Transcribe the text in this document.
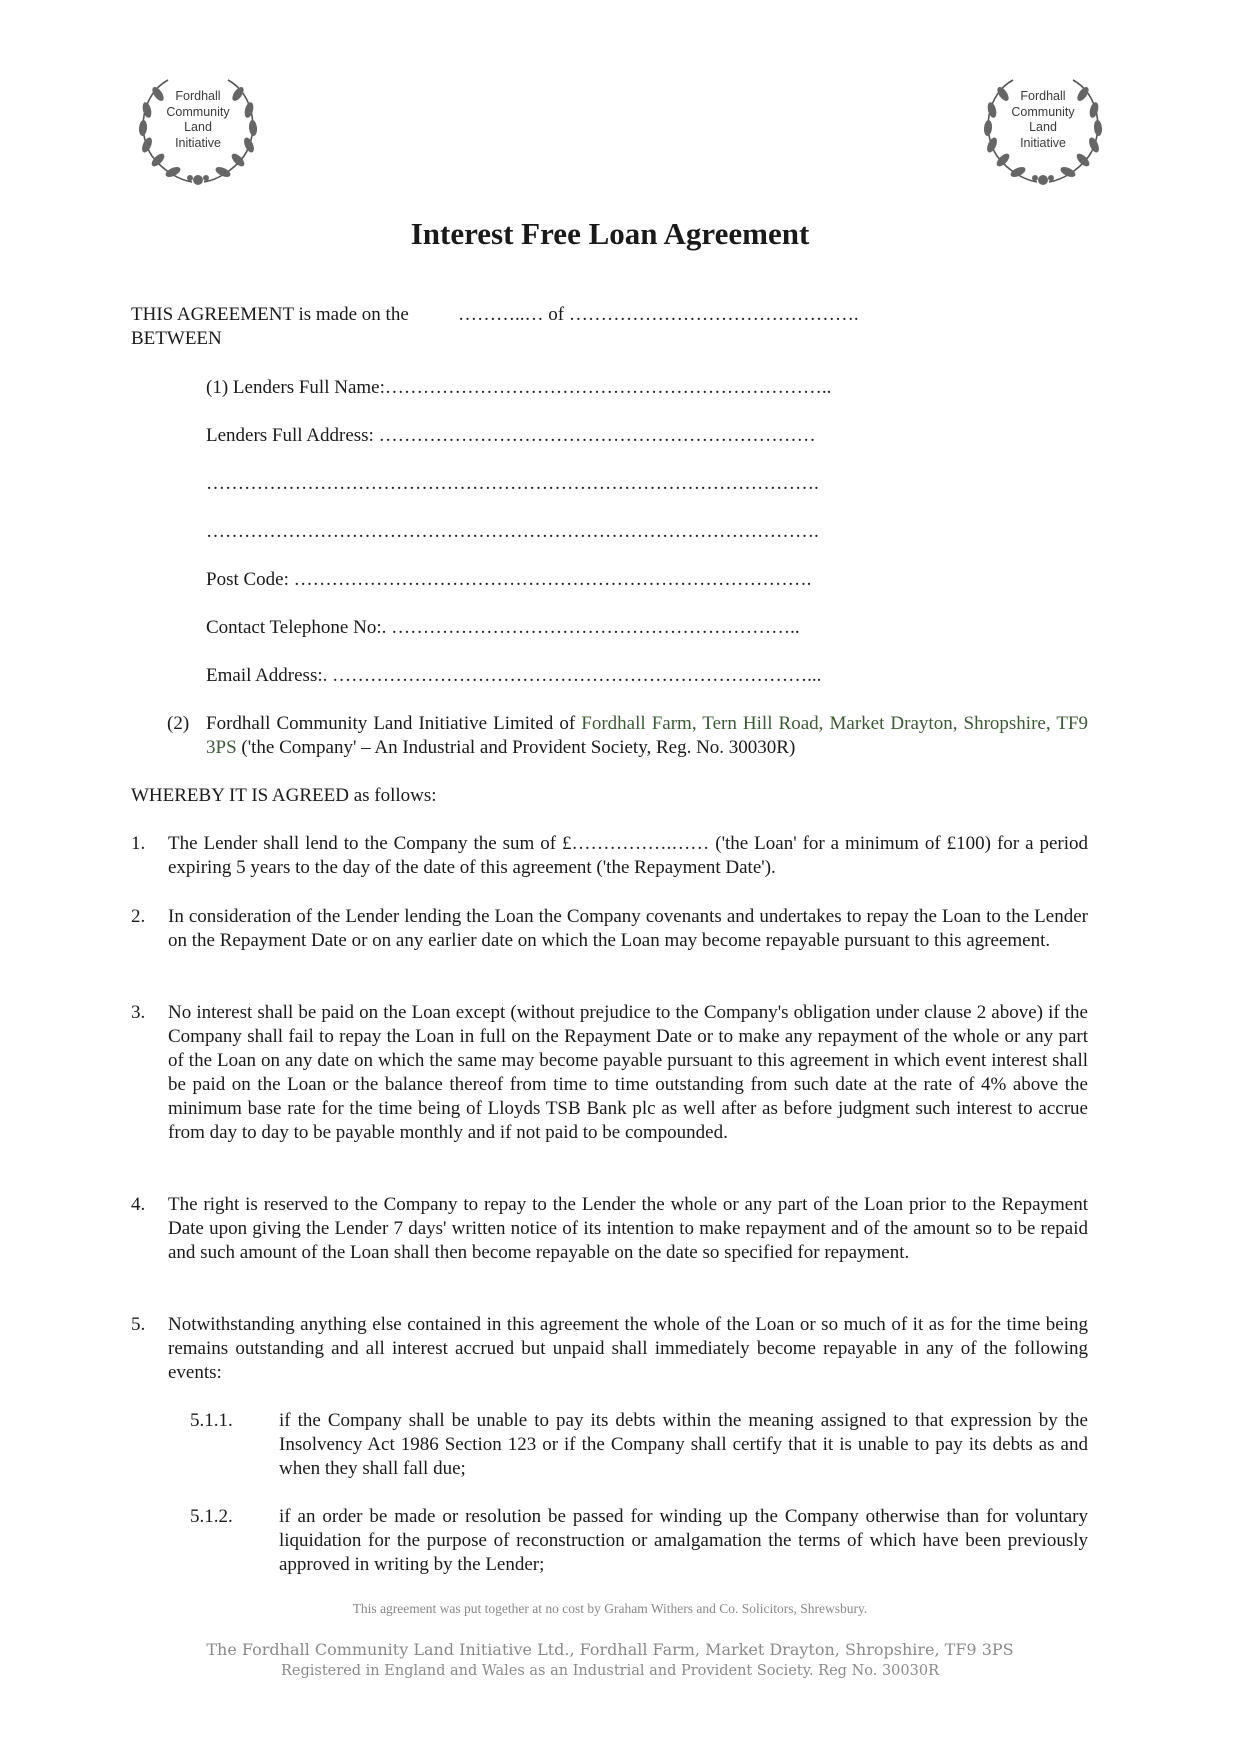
Fordhall
Community
Land
Initiative
Fordhall
Community
Land
Initiative
Interest Free Loan Agreement
THIS AGREEMENT is made on the	………..… of ……………………………………….
BETWEEN
(1) Lenders Full Name:……………………………………………………………..
Lenders Full Address: ……………………………………………………………
…………………………………………………………………………………….
…………………………………………………………………………………….
Post Code: ……………………………………………………………………….
Contact Telephone No:. ………………………………………………………..
Email Address:. …………………………………………………………………...
(2) Fordhall Community Land Initiative Limited of Fordhall Farm, Tern Hill Road, Market Drayton, Shropshire, TF9 3PS ('the Company' – An Industrial and Provident Society, Reg. No. 30030R)
WHEREBY IT IS AGREED as follows:
1. The Lender shall lend to the Company the sum of £…………….…… ('the Loan' for a minimum of £100) for a period expiring 5 years to the day of the date of this agreement ('the Repayment Date').
2. In consideration of the Lender lending the Loan the Company covenants and undertakes to repay the Loan to the Lender on the Repayment Date or on any earlier date on which the Loan may become repayable pursuant to this agreement.
3. No interest shall be paid on the Loan except (without prejudice to the Company's obligation under clause 2 above) if the Company shall fail to repay the Loan in full on the Repayment Date or to make any repayment of the whole or any part of the Loan on any date on which the same may become payable pursuant to this agreement in which event interest shall be paid on the Loan or the balance thereof from time to time outstanding from such date at the rate of 4% above the minimum base rate for the time being of Lloyds TSB Bank plc as well after as before judgment such interest to accrue from day to day to be payable monthly and if not paid to be compounded.
4. The right is reserved to the Company to repay to the Lender the whole or any part of the Loan prior to the Repayment Date upon giving the Lender 7 days' written notice of its intention to make repayment and of the amount so to be repaid and such amount of the Loan shall then become repayable on the date so specified for repayment.
5. Notwithstanding anything else contained in this agreement the whole of the Loan or so much of it as for the time being remains outstanding and all interest accrued but unpaid shall immediately become repayable in any of the following events:
5.1.1. if the Company shall be unable to pay its debts within the meaning assigned to that expression by the Insolvency Act 1986 Section 123 or if the Company shall certify that it is unable to pay its debts as and when they shall fall due;
5.1.2. if an order be made or resolution be passed for winding up the Company otherwise than for voluntary liquidation for the purpose of reconstruction or amalgamation the terms of which have been previously approved in writing by the Lender;
This agreement was put together at no cost by Graham Withers and Co. Solicitors, Shrewsbury.
The Fordhall Community Land Initiative Ltd., Fordhall Farm, Market Drayton, Shropshire, TF9 3PS
Registered in England and Wales as an Industrial and Provident Society. Reg No. 30030R
